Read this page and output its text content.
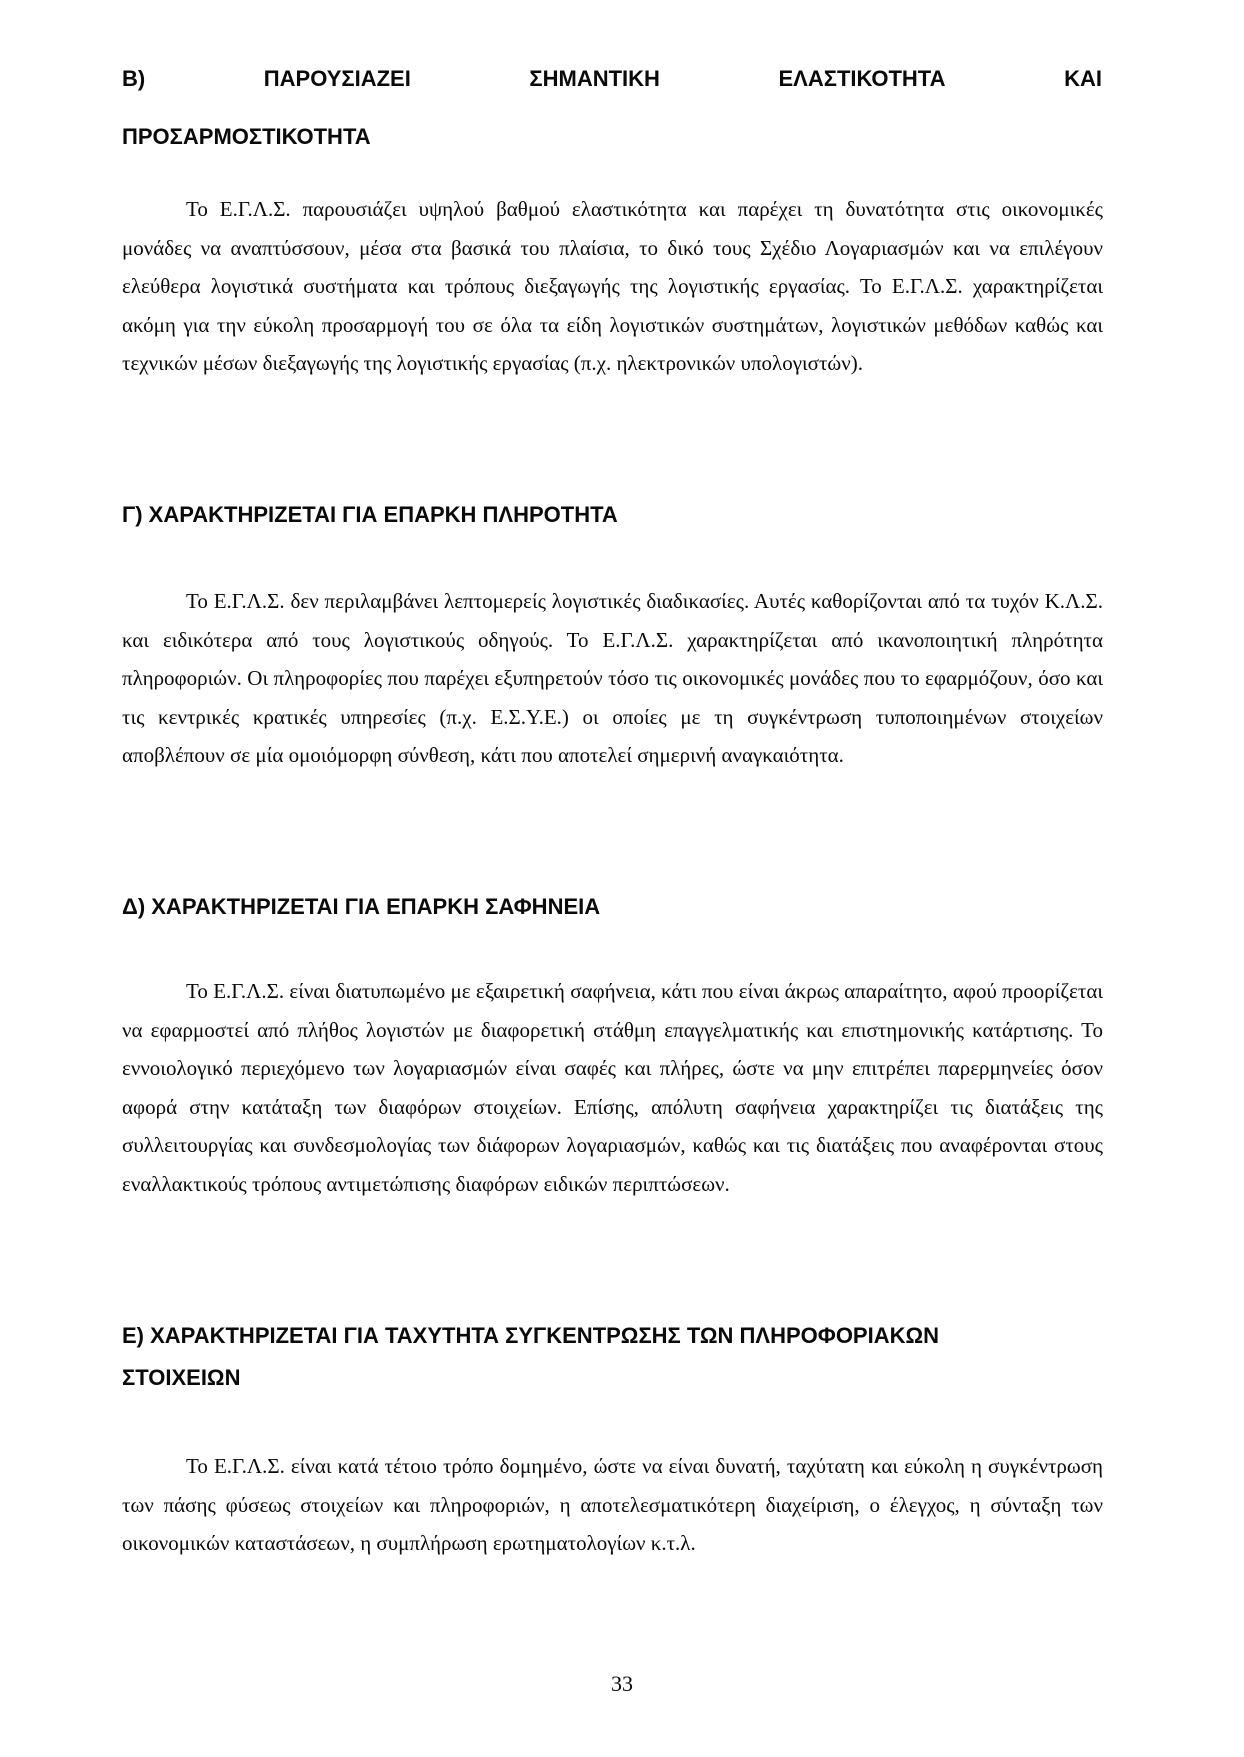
B)	ΠΑΡΟΥΣΙΑΖΕΙ	ΣΗΜΑΝΤΙΚΗ	ΕΛΑΣΤΙΚΟΤΗΤΑ	ΚΑΙ
ΠΡΟΣΑΡΜΟΣΤΙΚΟΤΗΤΑ

Το Ε.Γ.Λ.Σ. παρουσιάζει υψηλού βαθμού ελαστικότητα και παρέχει τη δυνατότητα στις οικονομικές μονάδες να αναπτύσσουν, μέσα στα βασικά του πλαίσια, το δικό τους Σχέδιο Λογαριασμών και να επιλέγουν ελεύθερα λογιστικά συστήματα και τρόπους διεξαγωγής της λογιστικής εργασίας. Το Ε.Γ.Λ.Σ. χαρακτηρίζεται ακόμη για την εύκολη προσαρμογή του σε όλα τα είδη λογιστικών συστημάτων, λογιστικών μεθόδων καθώς και τεχνικών μέσων διεξαγωγής της λογιστικής εργασίας (π.χ. ηλεκτρονικών υπολογιστών).

Γ) ΧΑΡΑΚΤΗΡΙΖΕΤΑΙ ΓΙΑ ΕΠΑΡΚΗ ΠΛΗΡΟΤΗΤΑ

Το Ε.Γ.Λ.Σ. δεν περιλαμβάνει λεπτομερείς λογιστικές διαδικασίες. Αυτές καθορίζονται από τα τυχόν Κ.Λ.Σ. και ειδικότερα από τους λογιστικούς οδηγούς. Το Ε.Γ.Λ.Σ. χαρακτηρίζεται από ικανοποιητική πληρότητα πληροφοριών. Οι πληροφορίες που παρέχει εξυπηρετούν τόσο τις οικονομικές μονάδες που το εφαρμόζουν, όσο και τις κεντρικές κρατικές υπηρεσίες (π.χ. Ε.Σ.Υ.Ε.) οι οποίες με τη συγκέντρωση τυποποιημένων στοιχείων αποβλέπουν σε μία ομοιόμορφη σύνθεση, κάτι που αποτελεί σημερινή αναγκαιότητα.

Δ) ΧΑΡΑΚΤΗΡΙΖΕΤΑΙ ΓΙΑ ΕΠΑΡΚΗ ΣΑΦΗΝΕΙΑ

Το Ε.Γ.Λ.Σ. είναι διατυπωμένο με εξαιρετική σαφήνεια, κάτι που είναι άκρως απαραίτητο, αφού προορίζεται να εφαρμοστεί από πλήθος λογιστών με διαφορετική στάθμη επαγγελματικής και επιστημονικής κατάρτισης. Το εννοιολογικό περιεχόμενο των λογαριασμών είναι σαφές και πλήρες, ώστε να μην επιτρέπει παρερμηνείες όσον αφορά στην κατάταξη των διαφόρων στοιχείων. Επίσης, απόλυτη σαφήνεια χαρακτηρίζει τις διατάξεις της συλλειτουργίας και συνδεσμολογίας των διάφορων λογαριασμών, καθώς και τις διατάξεις που αναφέρονται στους εναλλακτικούς τρόπους αντιμετώπισης διαφόρων ειδικών περιπτώσεων.

Ε) ΧΑΡΑΚΤΗΡΙΖΕΤΑΙ ΓΙΑ ΤΑΧΥΤΗΤΑ ΣΥΓΚΕΝΤΡΩΣΗΣ ΤΩΝ ΠΛΗΡΟΦΟΡΙΑΚΩΝ
ΣΤΟΙΧΕΙΩΝ

Το Ε.Γ.Λ.Σ. είναι κατά τέτοιο τρόπο δομημένο, ώστε να είναι δυνατή, ταχύτατη και εύκολη η συγκέντρωση των πάσης φύσεως στοιχείων και πληροφοριών, η αποτελεσματικότερη διαχείριση, ο έλεγχος, η σύνταξη των οικονομικών καταστάσεων, η συμπλήρωση ερωτηματολογίων κ.τ.λ.

33
